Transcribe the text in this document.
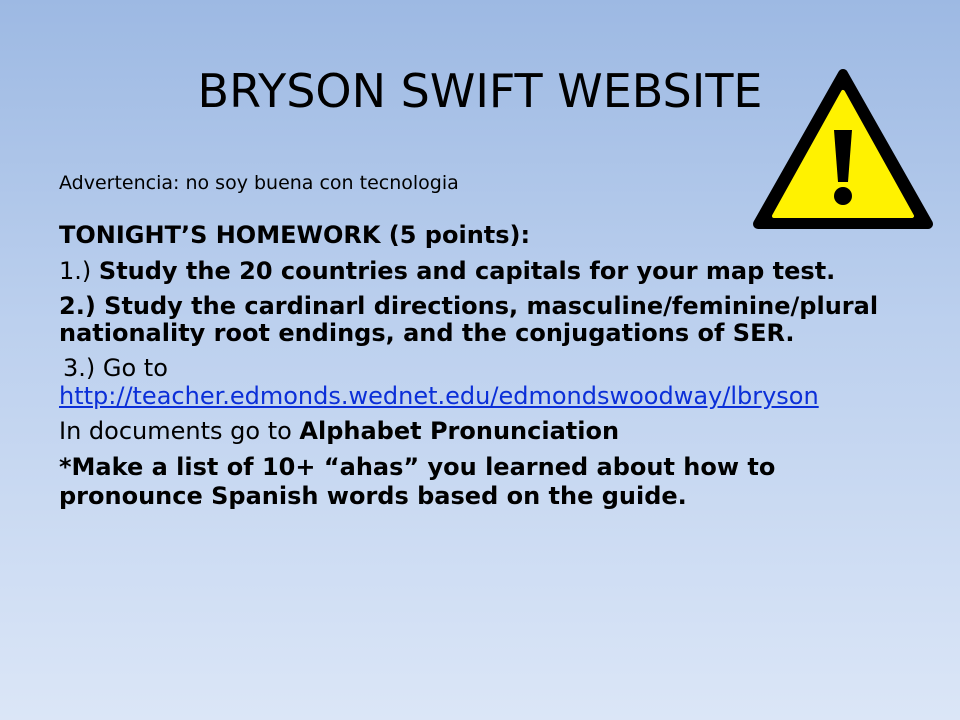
BRYSON SWIFT WEBSITE

Advertencia: no soy buena con tecnologia

TONIGHT’S HOMEWORK (5 points):

1.) Study the 20 countries and capitals for your map test.

2.) Study the cardinarl directions, masculine/feminine/plural nationality root endings, and the conjugations of SER.

3.) Go to
http://teacher.edmonds.wednet.edu/edmondswoodway/lbryson

In documents go to Alphabet Pronunciation

*Make a list of 10+ “ahas” you learned about how to pronounce Spanish words based on the guide.
